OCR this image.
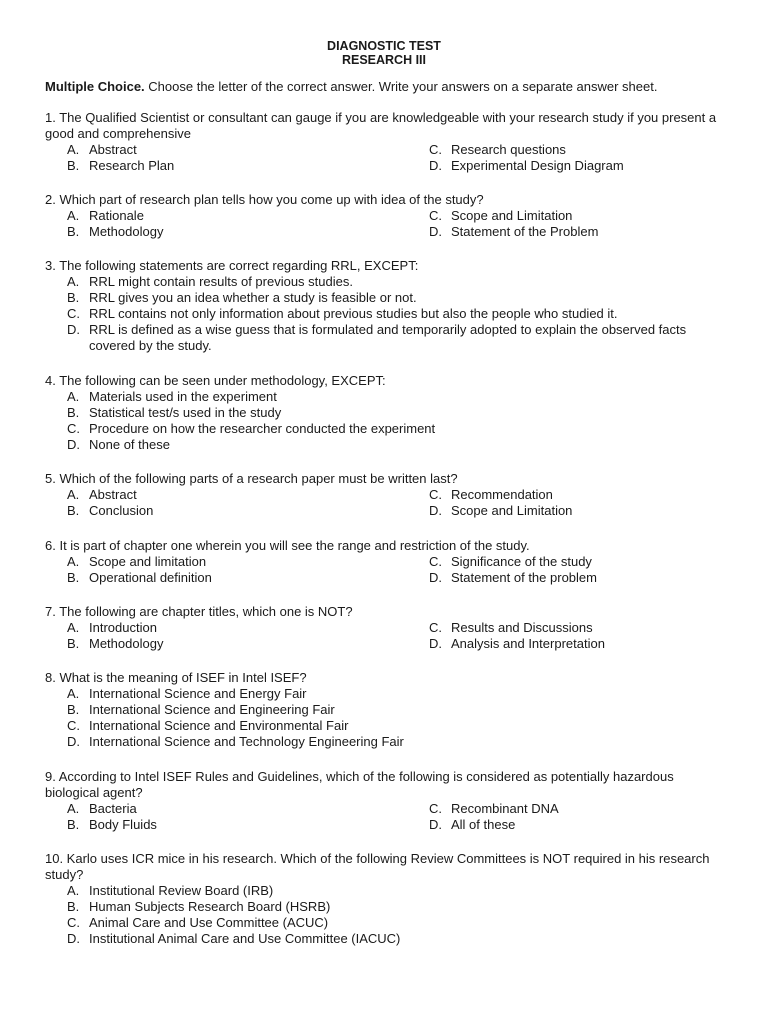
DIAGNOSTIC TEST
RESEARCH III
Multiple Choice. Choose the letter of the correct answer. Write your answers on a separate answer sheet.
1. The Qualified Scientist or consultant can gauge if you are knowledgeable with your research study if you present a good and comprehensive
A. Abstract
B. Research Plan
C. Research questions
D. Experimental Design Diagram
2. Which part of research plan tells how you come up with idea of the study?
A. Rationale
B. Methodology
C. Scope and Limitation
D. Statement of the Problem
3. The following statements are correct regarding RRL, EXCEPT:
A. RRL might contain results of previous studies.
B. RRL gives you an idea whether a study is feasible or not.
C. RRL contains not only information about previous studies but also the people who studied it.
D. RRL is defined as a wise guess that is formulated and temporarily adopted to explain the observed facts covered by the study.
4. The following can be seen under methodology, EXCEPT:
A. Materials used in the experiment
B. Statistical test/s used in the study
C. Procedure on how the researcher conducted the experiment
D. None of these
5. Which of the following parts of a research paper must be written last?
A. Abstract
B. Conclusion
C. Recommendation
D. Scope and Limitation
6. It is part of chapter one wherein you will see the range and restriction of the study.
A. Scope and limitation
B. Operational definition
C. Significance of the study
D. Statement of the problem
7. The following are chapter titles, which one is NOT?
A. Introduction
B. Methodology
C. Results and Discussions
D. Analysis and Interpretation
8. What is the meaning of ISEF in Intel ISEF?
A. International Science and Energy Fair
B. International Science and Engineering Fair
C. International Science and Environmental Fair
D. International Science and Technology Engineering Fair
9. According to Intel ISEF Rules and Guidelines, which of the following is considered as potentially hazardous biological agent?
A. Bacteria
B. Body Fluids
C. Recombinant DNA
D. All of these
10. Karlo uses ICR mice in his research. Which of the following Review Committees is NOT required in his research study?
A. Institutional Review Board (IRB)
B. Human Subjects Research Board (HSRB)
C. Animal Care and Use Committee (ACUC)
D. Institutional Animal Care and Use Committee (IACUC)
